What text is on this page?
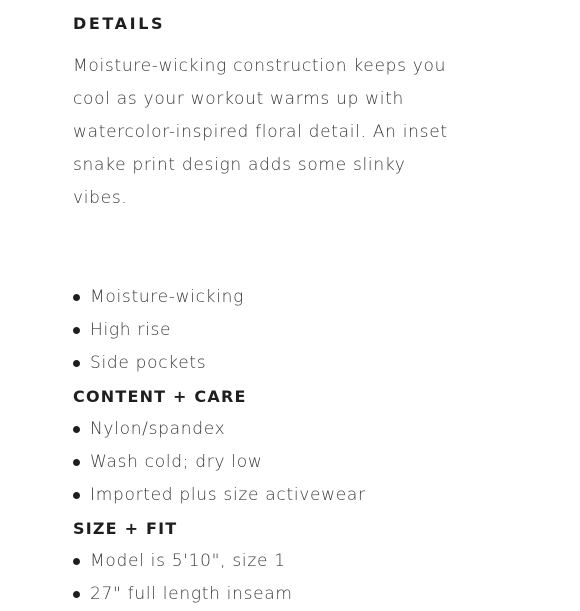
DETAILS

Moisture-wicking construction keeps you cool as your workout warms up with watercolor-inspired floral detail. An inset snake print design adds some slinky vibes.

Moisture-wicking
High rise
Side pockets
CONTENT + CARE
Nylon/spandex
Wash cold; dry low
Imported plus size activewear
SIZE + FIT
Model is 5'10", size 1
27" full length inseam
